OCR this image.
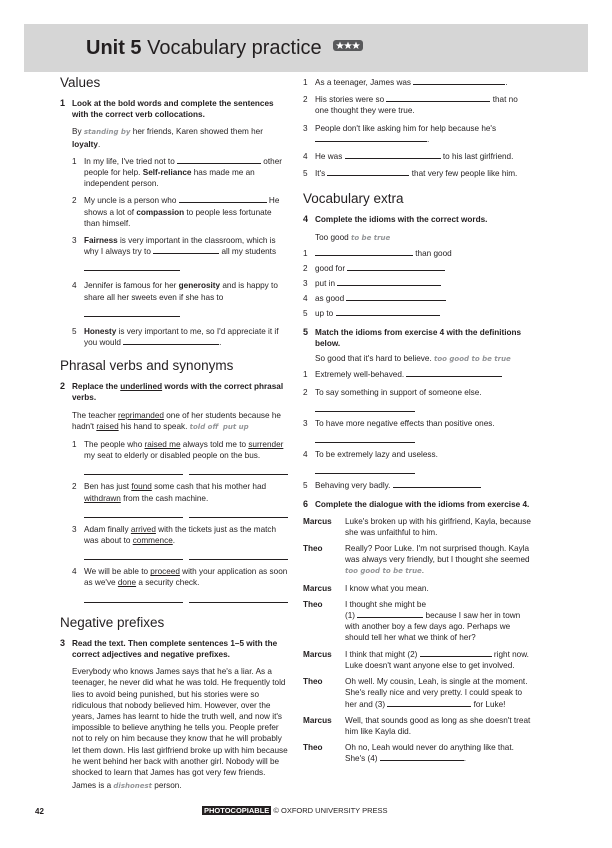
Unit 5 Vocabulary practice
Values
1 Look at the bold words and complete the sentences with the correct verb collocations.
By standing by her friends, Karen showed them her loyalty.
1 In my life, I've tried not to	other people for help. Self-reliance has made me an independent person.
2 My uncle is a person who	He shows a lot of compassion to people less fortunate than himself.
3 Fairness is very important in the classroom, which is why I always try to	all my students
4 Jennifer is famous for her generosity and is happy to share all her sweets even if she has to
5 Honesty is very important to me, so I'd appreciate it if you would	.
Phrasal verbs and synonyms
2 Replace the underlined words with the correct phrasal verbs.
The teacher reprimanded one of her students because he hadn't raised his hand to speak. told off put up
1 The people who raised me always told me to surrender my seat to elderly or disabled people on the bus.
2 Ben has just found some cash that his mother had withdrawn from the cash machine.
3 Adam finally arrived with the tickets just as the match was about to commence.
4 We will be able to proceed with your application as soon as we've done a security check.
Negative prefixes
3 Read the text. Then complete sentences 1–5 with the correct adjectives and negative prefixes.
Everybody who knows James says that he's a liar. As a teenager, he never did what he was told. He frequently told lies to avoid being punished, but his stories were so ridiculous that nobody believed him. However, over the years, James has learnt to hide the truth well, and now it's impossible to believe anything he tells you. People prefer not to rely on him because they know that he will probably let them down. His last girlfriend broke up with him because he went behind her back with another girl. Nobody will be shocked to learn that James has got very few friends.
James is a dishonest person.
1 As a teenager, James was	.
2 His stories were so	that no one thought they were true.
3 People don't like asking him for help because he's
.
4 He was	to his last girlfriend.
5 It's	that very few people like him.
Vocabulary extra
4 Complete the idioms with the correct words.
Too good to be true
1	than good
2 good for
3 put in
4 as good
5 up to
5 Match the idioms from exercise 4 with the definitions below.
So good that it's hard to believe. too good to be true
1 Extremely well-behaved.
2 To say something in support of someone else.
3 To have more negative effects than positive ones.
4 To be extremely lazy and useless.
5 Behaving very badly.
6 Complete the dialogue with the idioms from exercise 4.
Marcus	Luke's broken up with his girlfriend, Kayla, because she was unfaithful to him.
Theo	Really? Poor Luke. I'm not surprised though. Kayla was always very friendly, but I thought she seemed too good to be true.
Marcus	I know what you mean.
Theo	I thought she might be
(1)	because I saw her in town with another boy a few days ago. Perhaps we should tell her what we think of her?
Marcus	I think that might (2)	right now. Luke doesn't want anyone else to get involved.
Theo	Oh well. My cousin, Leah, is single at the moment. She's really nice and very pretty. I could speak to her and (3)	for Luke!
Marcus	Well, that sounds good as long as she doesn't treat him like Kayla did.
Theo	Oh no, Leah would never do anything like that. She's (4)	.
42	PHOTOCOPIABLE © OXFORD UNIVERSITY PRESS
